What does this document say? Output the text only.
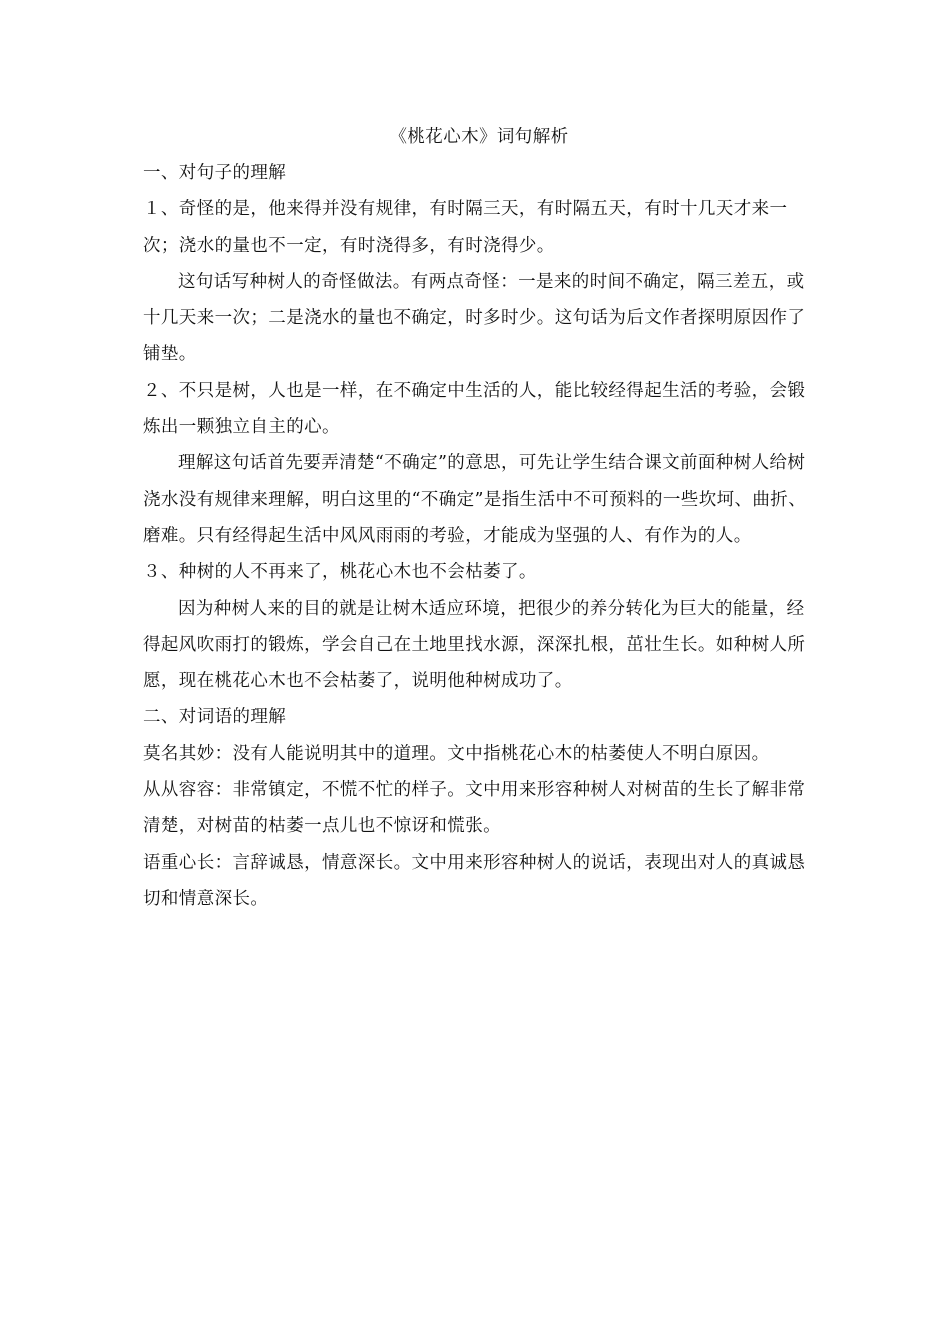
《桃花心木》词句解析

一、对句子的理解

１、奇怪的是，他来得并没有规律，有时隔三天，有时隔五天，有时十几天才来一次；浇水的量也不一定，有时浇得多，有时浇得少。

这句话写种树人的奇怪做法。有两点奇怪：一是来的时间不确定，隔三差五，或十几天来一次；二是浇水的量也不确定，时多时少。这句话为后文作者探明原因作了铺垫。

２、不只是树，人也是一样，在不确定中生活的人，能比较经得起生活的考验，会锻炼出一颗独立自主的心。

理解这句话首先要弄清楚“不确定”的意思，可先让学生结合课文前面种树人给树浇水没有规律来理解，明白这里的“不确定”是指生活中不可预料的一些坎坷、曲折、磨难。只有经得起生活中风风雨雨的考验，才能成为坚强的人、有作为的人。

３、种树的人不再来了，桃花心木也不会枯萎了。

因为种树人来的目的就是让树木适应环境，把很少的养分转化为巨大的能量，经得起风吹雨打的锻炼，学会自己在土地里找水源，深深扎根，茁壮生长。如种树人所愿，现在桃花心木也不会枯萎了，说明他种树成功了。

二、对词语的理解

莫名其妙：没有人能说明其中的道理。文中指桃花心木的枯萎使人不明白原因。

从从容容：非常镇定，不慌不忙的样子。文中用来形容种树人对树苗的生长了解非常清楚，对树苗的枯萎一点儿也不惊讶和慌张。

语重心长：言辞诚恳，情意深长。文中用来形容种树人的说话，表现出对人的真诚恳切和情意深长。
